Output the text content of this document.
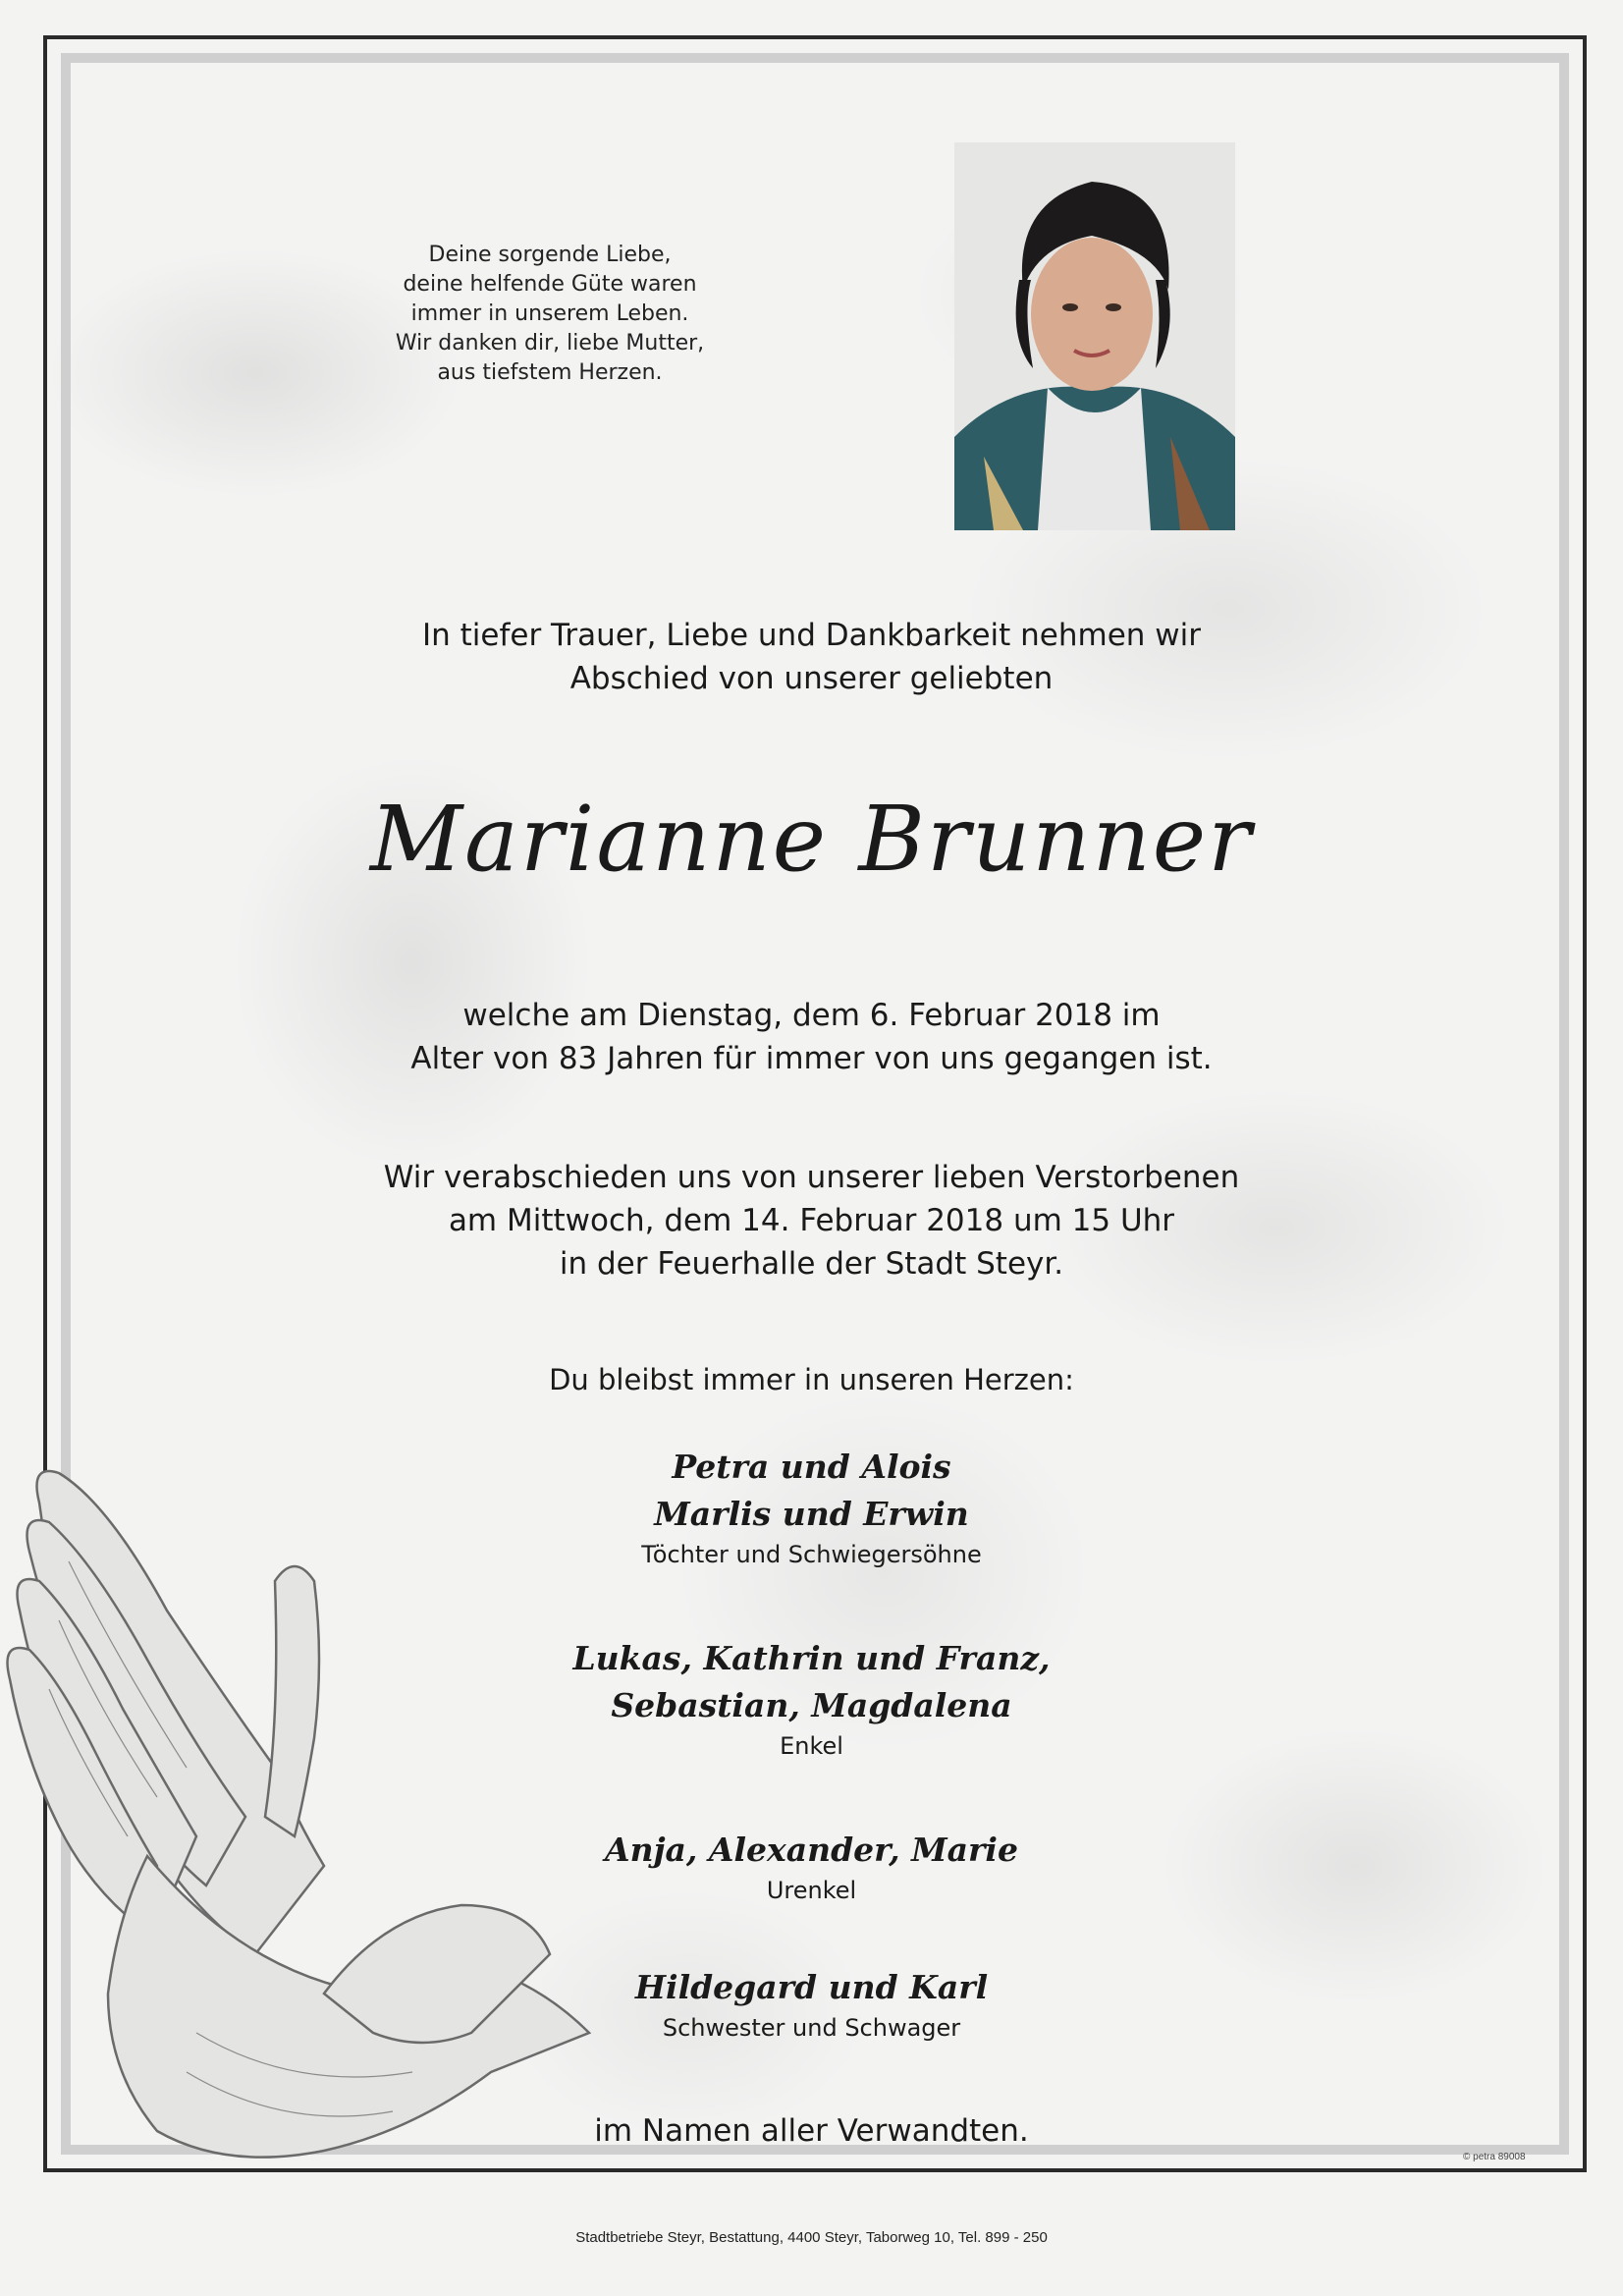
Deine sorgende Liebe,
deine helfende Güte waren
immer in unserem Leben.
Wir danken dir, liebe Mutter,
aus tiefstem Herzen.
In tiefer Trauer, Liebe und Dankbarkeit nehmen wir
Abschied von unserer geliebten
Marianne Brunner
welche am Dienstag, dem 6. Februar 2018 im
Alter von 83 Jahren für immer von uns gegangen ist.
Wir verabschieden uns von unserer lieben Verstorbenen
am Mittwoch, dem 14. Februar 2018 um 15 Uhr
in der Feuerhalle der Stadt Steyr.
Du bleibst immer in unseren Herzen:
Petra und Alois
Marlis und Erwin
Töchter und Schwiegersöhne
Lukas, Kathrin und Franz,
Sebastian, Magdalena
Enkel
Anja, Alexander, Marie
Urenkel
Hildegard und Karl
Schwester und Schwager
im Namen aller Verwandten.
© petra 89008
Stadtbetriebe Steyr, Bestattung, 4400 Steyr, Taborweg 10, Tel. 899 - 250
